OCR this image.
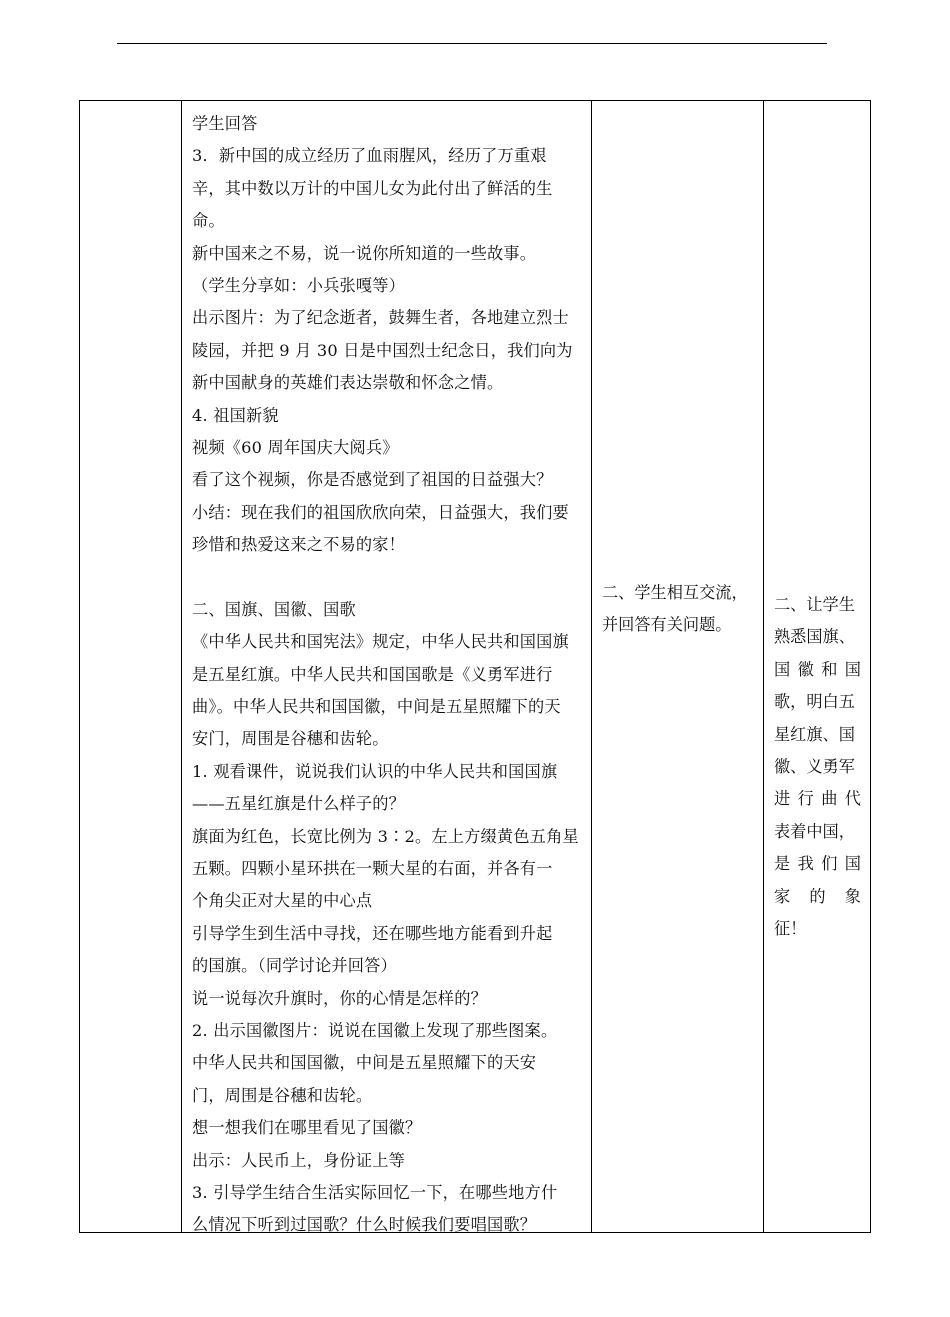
学生回答
3．新中国的成立经历了血雨腥风，经历了万重艰
辛，其中数以万计的中国儿女为此付出了鲜活的生
命。
新中国来之不易，说一说你所知道的一些故事。
（学生分享如：小兵张嘎等）
出示图片：为了纪念逝者，鼓舞生者，各地建立烈士
陵园，并把 9 月 30 日是中国烈士纪念日，我们向为
新中国献身的英雄们表达崇敬和怀念之情。
4. 祖国新貌
视频《60 周年国庆大阅兵》
看了这个视频，你是否感觉到了祖国的日益强大？
小结：现在我们的祖国欣欣向荣，日益强大，我们要
珍惜和热爱这来之不易的家！
二、国旗、国徽、国歌
《中华人民共和国宪法》规定，中华人民共和国国旗
是五星红旗。中华人民共和国国歌是《义勇军进行
曲》。中华人民共和国国徽，中间是五星照耀下的天
安门，周围是谷穗和齿轮。
1. 观看课件，说说我们认识的中华人民共和国国旗
——五星红旗是什么样子的？
旗面为红色，长宽比例为 3∶2。左上方缀黄色五角星
五颗。四颗小星环拱在一颗大星的右面，并各有一
个角尖正对大星的中心点
引导学生到生活中寻找，还在哪些地方能看到升起
的国旗。（同学讨论并回答）
说一说每次升旗时，你的心情是怎样的？
2. 出示国徽图片：说说在国徽上发现了那些图案。
中华人民共和国国徽，中间是五星照耀下的天安
门，周围是谷穗和齿轮。
想一想我们在哪里看见了国徽？
出示：人民币上，身份证上等
3. 引导学生结合生活实际回忆一下，在哪些地方什
么情况下听到过国歌？什么时候我们要唱国歌？
二、学生相互交流，
并回答有关问题。
二、让学生
熟悉国旗、
国徽和国
歌，明白五
星红旗、国
徽、义勇军
进行曲代
表着中国，
是我们国
家的象
征！
